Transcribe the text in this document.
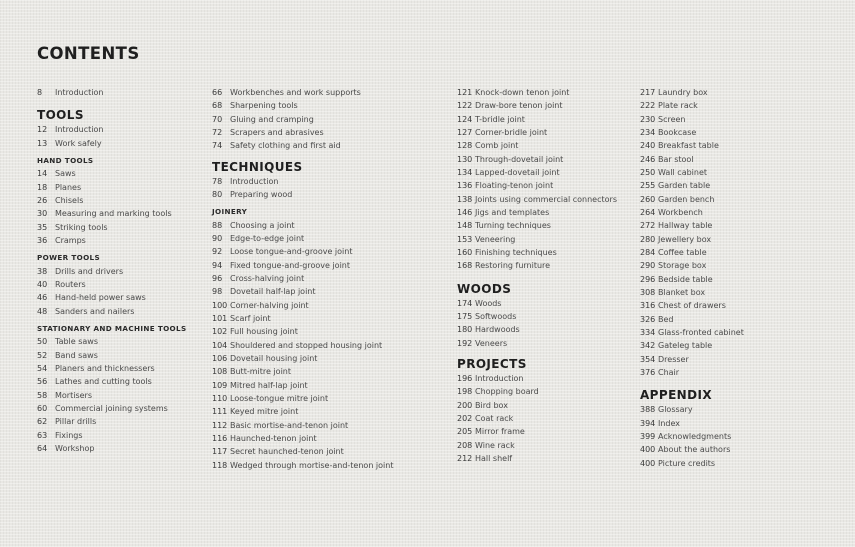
CONTENTS
8	Introduction
TOOLS
12 Introduction
13 Work safely
HAND TOOLS
14 Saws
18 Planes
26 Chisels
30 Measuring and marking tools
35 Striking tools
36 Cramps
POWER TOOLS
38 Drills and drivers
40 Routers
46 Hand-held power saws
48 Sanders and nailers
STATIONARY AND MACHINE TOOLS
50 Table saws
52 Band saws
54 Planers and thicknessers
56 Lathes and cutting tools
58 Mortisers
60 Commercial joining systems
62 Pillar drills
63 Fixings
64 Workshop
66 Workbenches and work supports
68 Sharpening tools
70 Gluing and cramping
72 Scrapers and abrasives
74 Safety clothing and first aid
TECHNIQUES
78 Introduction
80 Preparing wood
JOINERY
88 Choosing a joint
90 Edge-to-edge joint
92 Loose tongue-and-groove joint
94 Fixed tongue-and-groove joint
96 Cross-halving joint
98 Dovetail half-lap joint
100 Corner-halving joint
101 Scarf joint
102 Full housing joint
104 Shouldered and stopped housing joint
106 Dovetail housing joint
108 Butt-mitre joint
109 Mitred half-lap joint
110 Loose-tongue mitre joint
111 Keyed mitre joint
112 Basic mortise-and-tenon joint
116 Haunched-tenon joint
117 Secret haunched-tenon joint
118 Wedged through mortise-and-tenon joint
121 Knock-down tenon joint
122 Draw-bore tenon joint
124 T-bridle joint
127 Corner-bridle joint
128 Comb joint
130 Through-dovetail joint
134 Lapped-dovetail joint
136 Floating-tenon joint
138 Joints using commercial connectors
146 Jigs and templates
148 Turning techniques
153 Veneering
160 Finishing techniques
168 Restoring furniture
WOODS
174 Woods
175 Softwoods
180 Hardwoods
192 Veneers
PROJECTS
196 Introduction
198 Chopping board
200 Bird box
202 Coat rack
205 Mirror frame
208 Wine rack
212 Hall shelf
217 Laundry box
222 Plate rack
230 Screen
234 Bookcase
240 Breakfast table
246 Bar stool
250 Wall cabinet
255 Garden table
260 Garden bench
264 Workbench
272 Hallway table
280 Jewellery box
284 Coffee table
290 Storage box
296 Bedside table
308 Blanket box
316 Chest of drawers
326 Bed
334 Glass-fronted cabinet
342 Gateleg table
354 Dresser
376 Chair
APPENDIX
388 Glossary
394 Index
399 Acknowledgments
400 About the authors
400 Picture credits
